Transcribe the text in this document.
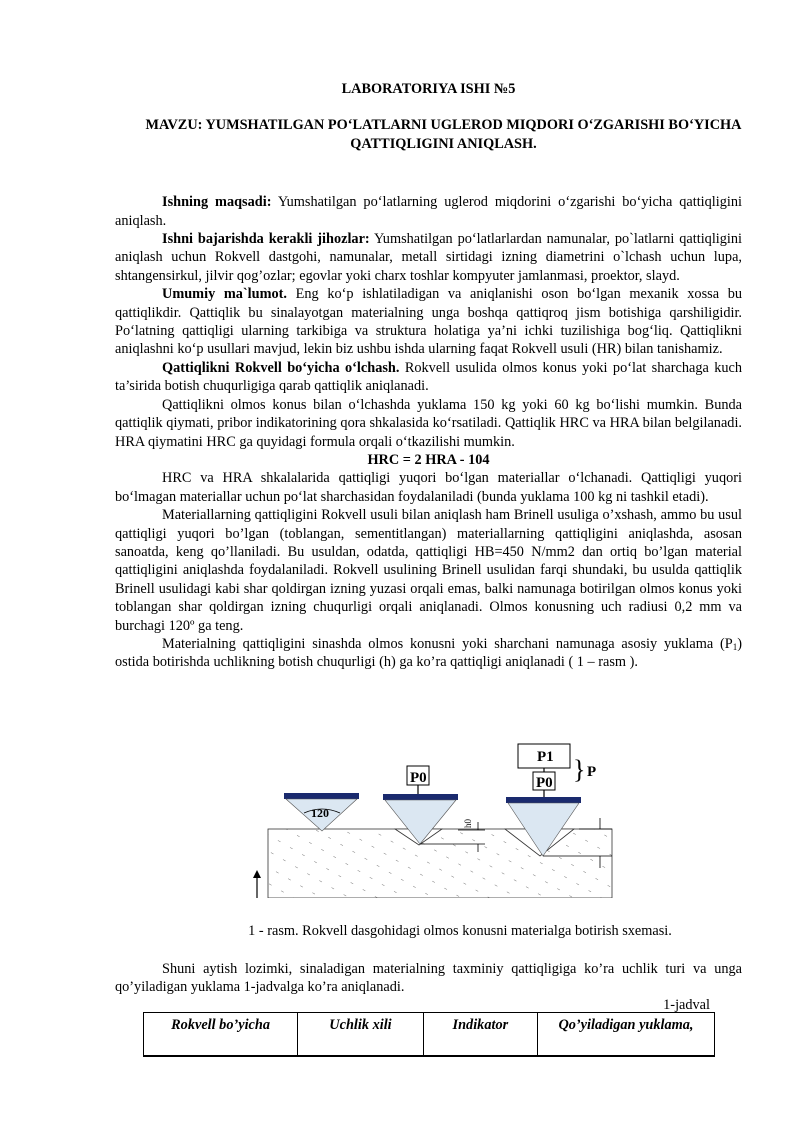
LABORATORIYA ISHI №5

MAVZU: YUMSHATILGAN PO‘LATLARNI UGLEROD MIQDORI O‘ZGARISHI BO‘YICHA QATTIQLIGINI ANIQLASH.

Ishning maqsadi: Yumshatilgan po‘latlarning uglerod miqdorini o‘zgarishi bo‘yicha qattiqligini aniqlash.

Ishni bajarishda kerakli jihozlar: Yumshatilgan po‘latlarlardan namunalar, po`latlarni qattiqligini aniqlash uchun Rokvell dastgohi, namunalar, metall sirtidagi izning diametrini o`lchash uchun lupa, shtangensirkul, jilvir qog’ozlar; egovlar yoki charx toshlar kompyuter jamlanmasi, proektor, slayd.

Umumiy ma`lumot. Eng ko‘p ishlatiladigan va aniqlanishi oson bo‘lgan mexanik xossa bu qattiqlikdir. Qattiqlik bu sinalayotgan materialning unga boshqa qattiqroq jism botishiga qarshiligidir. Po‘latning qattiqligi ularning tarkibiga va struktura holatiga ya’ni ichki tuzilishiga bog‘liq. Qattiqlikni aniqlashni ko‘p usullari mavjud, lekin biz ushbu ishda ularning faqat Rokvell usuli (HR) bilan tanishamiz.

Qattiqlikni Rokvell bo‘yicha o‘lchash. Rokvell usulida olmos konus yoki po‘lat sharchaga kuch ta’sirida botish chuqurligiga qarab qattiqlik aniqlanadi.

Qattiqlikni olmos konus bilan o‘lchashda yuklama 150 kg yoki 60 kg bo‘lishi mumkin. Bunda qattiqlik qiymati, pribor indikatorining qora shkalasida ko‘rsatiladi. Qattiqlik HRC va HRA bilan belgilanadi. HRA qiymatini HRC ga quyidagi formula orqali o‘tkazilishi mumkin.

HRC = 2 HRA - 104

HRC va HRA shkalalarida qattiqligi yuqori bo‘lgan materiallar o‘lchanadi. Qattiqligi yuqori bo‘lmagan materiallar uchun po‘lat sharchasidan foydalaniladi (bunda yuklama 100 kg ni tashkil etadi).

Materiallarning qattiqligini Rokvell usuli bilan aniqlash ham Brinell usuliga o’xshash, ammo bu usul qattiqligi yuqori bo’lgan (toblangan, sementitlangan) materiallarning qattiqligini aniqlashda, asosan sanoatda, keng qo’llaniladi. Bu usuldan, odatda, qattiqligi HB=450 N/mm2 dan ortiq bo’lgan material qattiqligini aniqlashda foydalaniladi. Rokvell usulining Brinell usulidan farqi shundaki, bu usulda qattiqlik Brinell usulidagi kabi shar qoldirgan izning yuzasi orqali emas, balki namunaga botirilgan olmos konus yoki toblangan shar qoldirgan izning chuqurligi orqali aniqlanadi. Olmos konusning uch radiusi 0,2 mm va burchagi 120º ga teng.

Materialning qattiqligini sinashda olmos konusni yoki sharchani namunaga asosiy yuklama $(P_1)$ ostida botirishda uchlikning botish chuqurligi (h) ga ko’ra qattiqligi aniqlanadi ( 1 – rasm ).

120
P0
h0
P1
P0 } P
1 - rasm. Rokvell dasgohidagi olmos konusni materialga botirish sxemasi.

Shuni aytish lozimki, sinaladigan materialning taxminiy qattiqligiga ko’ra uchlik turi va unga qo’yiladigan yuklama 1-jadvalga ko’ra aniqlanadi.

1-jadval
Rokvell bo’yicha	Uchlik xili	Indikator	Qo’yiladigan yuklama,
